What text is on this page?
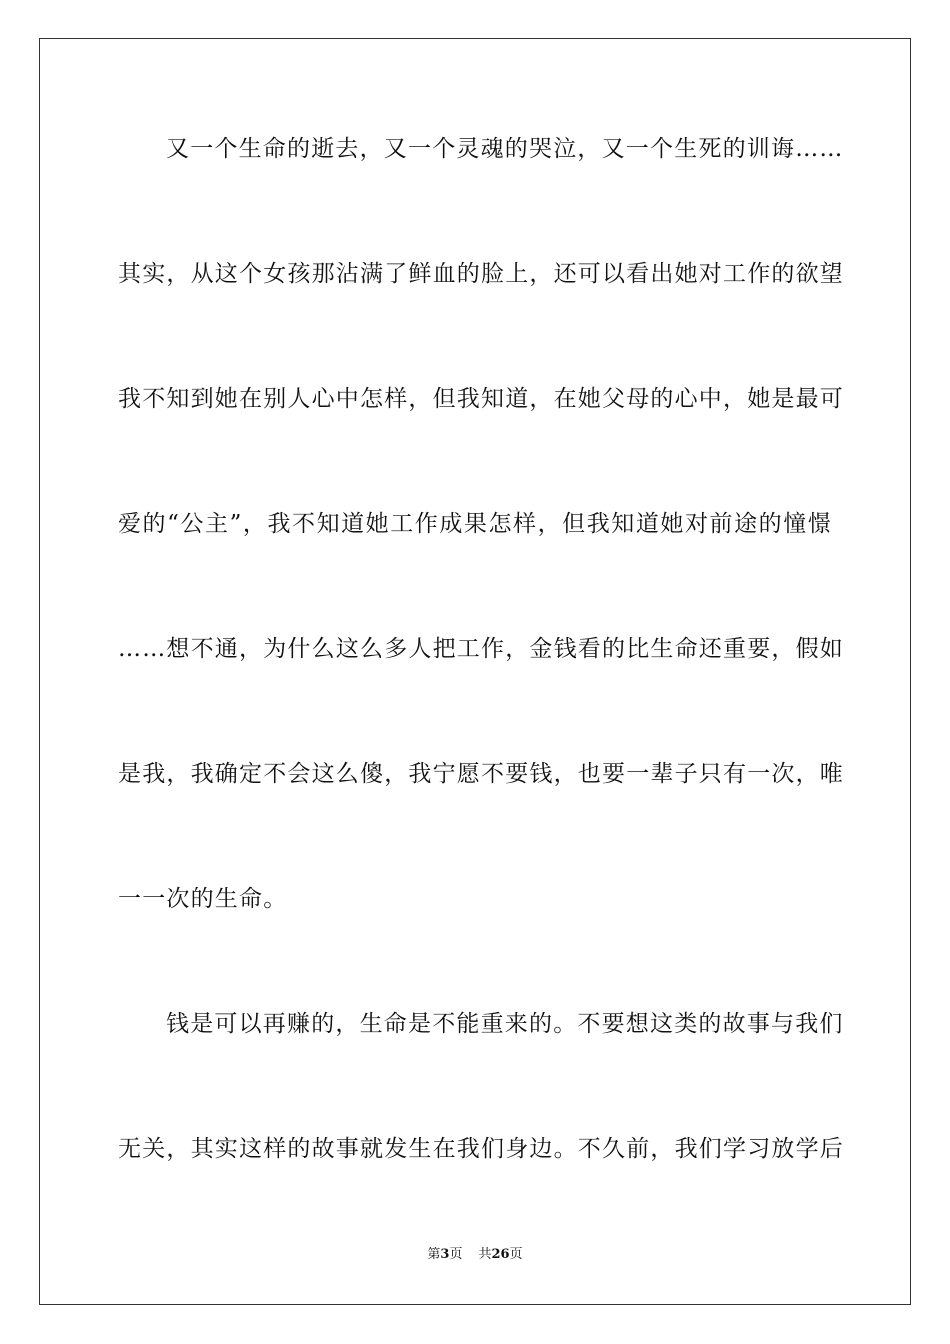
又一个生命的逝去，又一个灵魂的哭泣，又一个生死的训诲……
其实，从这个女孩那沾满了鲜血的脸上，还可以看出她对工作的欲望
我不知到她在别人心中怎样，但我知道，在她父母的心中，她是最可
爱的“公主”，我不知道她工作成果怎样，但我知道她对前途的憧憬
……想不通，为什么这么多人把工作，金钱看的比生命还重要，假如
是我，我确定不会这么傻，我宁愿不要钱，也要一辈子只有一次，唯
一一次的生命。
钱是可以再赚的，生命是不能重来的。不要想这类的故事与我们
无关，其实这样的故事就发生在我们身边。不久前，我们学习放学后
第3页 共26页
